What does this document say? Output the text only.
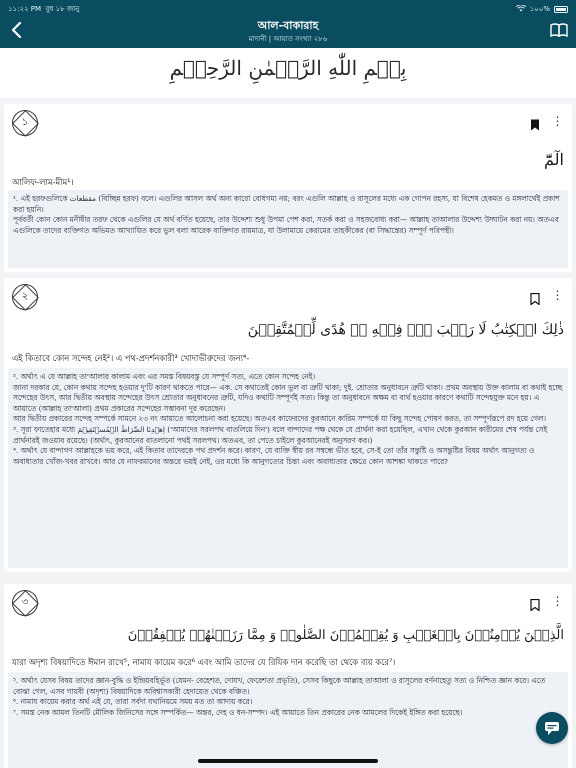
১১:২২ PM বুধ ১৮ জানু	১০০%
আল-বাকারাহ
মাদানী | আয়াত সংখ্যা ২৮৬
بِسۡمِ اللّٰهِ الرَّحۡمٰنِ الرَّحِیۡمِ
১	⋮
الٓمّٓ
আলিফ-লাম-মীম¹।

¹. এই হরফগুলিকে مقطعات (বিচ্ছিন্ন হরফ) বলে। এগুলির আসল অর্থ অন্য কারো বোধগম্য নয়; বরং এগুলি আল্লাহ ও রাসূলের মধ্যে এক গোপন রহস্য, যা বিশেষ হেকমত ও মঙ্গলার্থেই প্রকাশ করা হয়নি।

পূর্ববর্তী কোন কোন মনীষীর তরফ থেকে এগুলির যে অর্থ বর্ণিত হয়েছে, তার উদ্দেশ্য শুধু উপমা পেশ করা, সতর্ক করা ও সহজবোধ্য করা— আল্লাহ তাআলার উদ্দেশ্য উদ্ঘাটন করা নয়। অতএব এগুলিকে তাদের ব্যক্তিগত অভিমত আখ্যায়িত করে ভুল বলা আরেক ব্যক্তিগত রায়মাত্র, যা উলামায়ে কেরামের তাহকীকের (বা সিদ্ধান্তের) সম্পূর্ণ পরিপন্থী।

২	⋮
ذٰلِكَ الۡكِتٰبُ لَا رَیۡبَ ۛۖۚ فِیۡهِ ۛۚ هُدًی لِّلۡمُتَّقِیۡنَ
এই কিতাবে কোন সন্দেহ নেই²। এ পথ-প্রদর্শনকারী³ খোদাভীরুদের জন্য⁴-

². অর্থাৎ এ যে আল্লাহ তা'আলার কালাম এবং এর সমস্ত বিষয়বস্তু যে সম্পূর্ণ সত্য, এতে কোন সন্দেহ নেই।

জানা দরকার যে, কোন কথায় সন্দেহ হওয়ার দু'টি কারণ থাকতে পারে— এক. সে কথাতেই কোন ভুল বা ত্রুটি থাকা; দুই. শ্রোতার অনুধাবনে ত্রুটি থাকা। প্রথম অবস্থায় উক্ত কালাম বা কথাই হচ্ছে সন্দেহের উৎস, আর দ্বিতীয় অবস্থায় সন্দেহের উৎস শ্রোতার অনুধাবনের ত্রুটি, যদিও কথাটি সম্পূর্ণই সত্য। কিন্তু তা অনুধাবনে অক্ষম বা ব্যর্থ হওয়ার কারণে কথাটি সন্দেহযুক্ত মনে হয়। এ আয়াতে (আল্লাহ তা'আলা) প্রথম প্রকারের সন্দেহের সম্ভাবনা দূর করেছেন।

আর দ্বিতীয় প্রকারের সন্দেহ সম্পর্কে সামনে ২৩ নং আয়াতে আলোচনা করা হয়েছে। অতএব কাফেরদের কুরআনে কারিম সম্পর্কে যা কিছু সন্দেহ পোষণ করত, তা সম্পূর্ণরূপে রদ হয়ে গেল।

³. সূরা ফাতেহার মধ্যে اِهۡدِنَا الصِّرَاطَ الۡمُسۡتَقِیۡمَ ('আমাদের সরলপথ বাতলিয়ে দিন') বলে বান্দাদের পক্ষ থেকে যে প্রার্থনা করা হয়েছিল, এখান থেকে কুরআন কারীমের শেষ পর্যন্ত সেই প্রার্থনারই জওয়াব রয়েছে। (অর্থাৎ, কুরআনের বাতলানো পথই সরলপথ। অতএব, তা পেতে চাইলে কুরআনেরই অনুসরণ কর।)

⁴. অর্থাৎ যে বান্দাগণ আল্লাহকে ভয় করে, এই কিতাব তাদেরকে পথ প্রদর্শন করে। কারণ, যে ব্যক্তি স্বীয় রব সম্বন্ধে ভীত হবে, সে-ই তো তাঁর সন্তুষ্টি ও অসন্তুষ্টির বিষয় অর্থাৎ আনুগত্য ও অবাধ্যতার খোঁজ-খবর রাখবে। আর যে নাফরমানের অন্তরে ভয়ই নেই, ওর মধ্যে কি আনুগত্যের চিন্তা এবং অবাধ্যতার ক্ষেত্রে কোন আশঙ্কা থাকতে পারে?

৩	⋮
الَّذِیۡنَ یُؤۡمِنُوۡنَ بِالۡغَیۡبِ وَ یُقِیۡمُوۡنَ الصَّلٰوۃَ وَ مِمَّا رَزَقۡنٰهُمۡ یُنۡفِقُوۡنَ
যারা অদৃশ্য বিষয়াদিতে ঈমান রাখে⁵, নামায কায়েম করে⁶ এবং আমি তাদের যে রিযিক দান করেছি তা থেকে ব্যয় করে⁷।

⁵. অর্থাৎ যেসব বিষয় তাদের জ্ঞান-বুদ্ধি ও ইন্দ্রিয়বহির্ভূত (যেমন- বেহেশত, দোযখ, ফেরেশতা প্রভৃতি), সেসব কিছুকে আল্লাহ তাআলা ও রাসূলের বর্ণনাহেতু সত্য ও নিশ্চিত জ্ঞান করে। এতে বোঝা গেল, এসব গায়বী (অদৃশ্য) বিষয়াদিকে অবিশ্বাসকারী হেদায়েত থেকে বঞ্চিত।

⁶. নামায কায়েম করার অর্থ এই যে, তারা সর্বদা যথানিয়মে সময় মত তা আদায় করে।

⁷. সমস্ত নেক আমল তিনটি মৌলিক জিনিসের সঙ্গে সম্পর্কিত— অন্তর, দেহ ও ধন-সম্পদ। এই আয়াতে তিন প্রকারের নেক আমলের দিকেই ইঙ্গিত করা হয়েছে।
